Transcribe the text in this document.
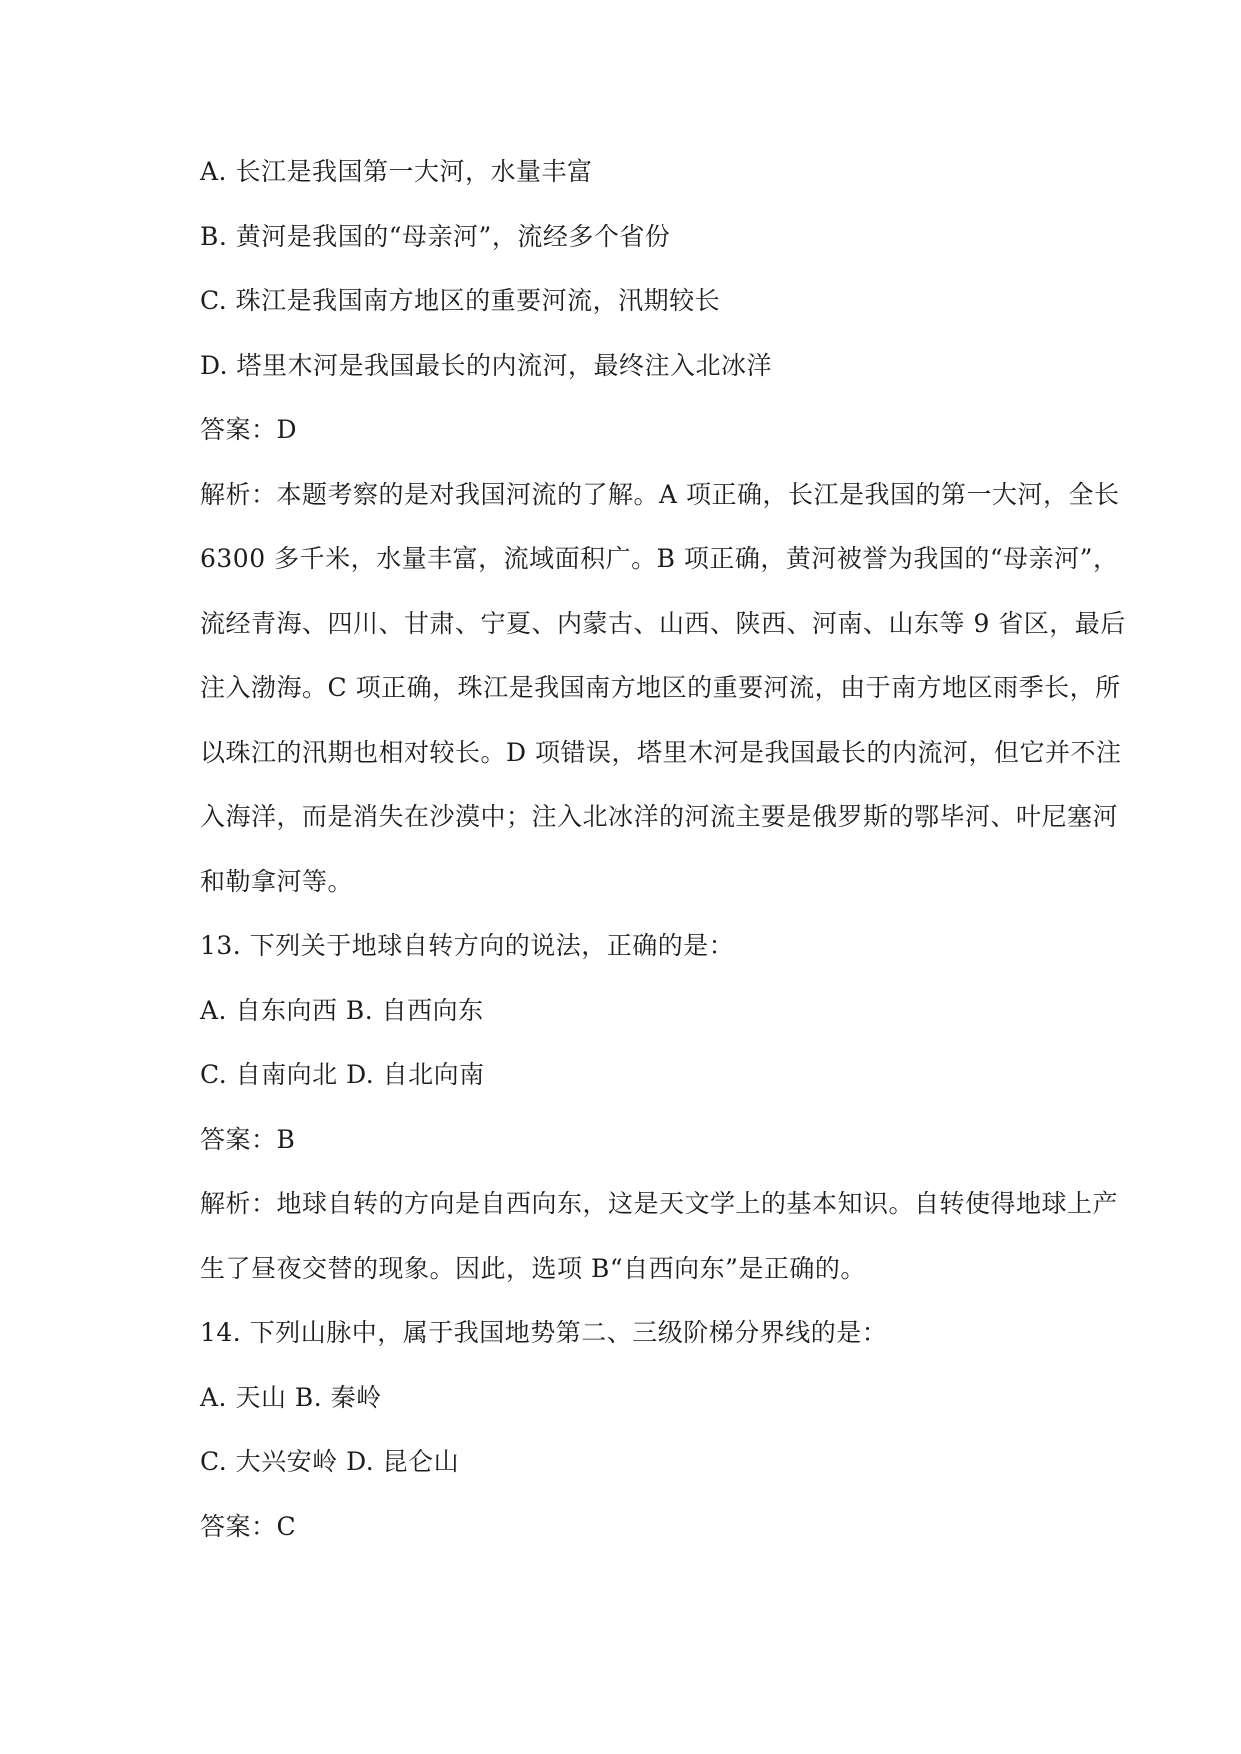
A. 长江是我国第一大河，水量丰富
B. 黄河是我国的“母亲河”，流经多个省份
C. 珠江是我国南方地区的重要河流，汛期较长
D. 塔里木河是我国最长的内流河，最终注入北冰洋
答案：D
解析：本题考察的是对我国河流的了解。A 项正确，长江是我国的第一大河，全长
6300 多千米，水量丰富，流域面积广。B 项正确，黄河被誉为我国的“母亲河”，
流经青海、四川、甘肃、宁夏、内蒙古、山西、陕西、河南、山东等 9 省区，最后
注入渤海。C 项正确，珠江是我国南方地区的重要河流，由于南方地区雨季长，所
以珠江的汛期也相对较长。D 项错误，塔里木河是我国最长的内流河，但它并不注
入海洋，而是消失在沙漠中；注入北冰洋的河流主要是俄罗斯的鄂毕河、叶尼塞河
和勒拿河等。
13. 下列关于地球自转方向的说法，正确的是：
A. 自东向西 B. 自西向东
C. 自南向北 D. 自北向南
答案：B
解析：地球自转的方向是自西向东，这是天文学上的基本知识。自转使得地球上产
生了昼夜交替的现象。因此，选项 B“自西向东”是正确的。
14. 下列山脉中，属于我国地势第二、三级阶梯分界线的是：
A. 天山 B. 秦岭
C. 大兴安岭 D. 昆仑山
答案：C
